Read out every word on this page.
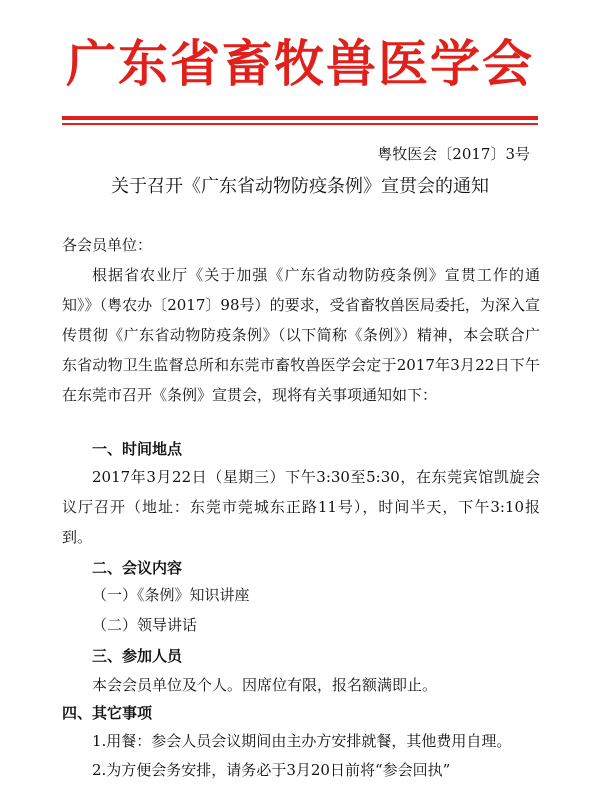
广东省畜牧兽医学会
粤牧医会〔2017〕3号
关于召开《广东省动物防疫条例》宣贯会的通知
各会员单位：
根据省农业厅《关于加强《广东省动物防疫条例》宣贯工作的通知》》（粤农办〔2017〕98号）的要求，受省畜牧兽医局委托，为深入宣传贯彻《广东省动物防疫条例》（以下简称《条例》）精神，本会联合广东省动物卫生监督总所和东莞市畜牧兽医学会定于2017年3月22日下午在东莞市召开《条例》宣贯会，现将有关事项通知如下：
一、时间地点
2017年3月22日（星期三）下午3:30至5:30，在东莞宾馆凯旋会议厅召开（地址：东莞市莞城东正路11号），时间半天，下午3:10报到。
二、会议内容
（一）《条例》知识讲座
（二）领导讲话
三、参加人员
本会会员单位及个人。因席位有限，报名额满即止。
四、其它事项
1.用餐：参会人员会议期间由主办方安排就餐，其他费用自理。
2.为方便会务安排，请务必于3月20日前将“参会回执”
